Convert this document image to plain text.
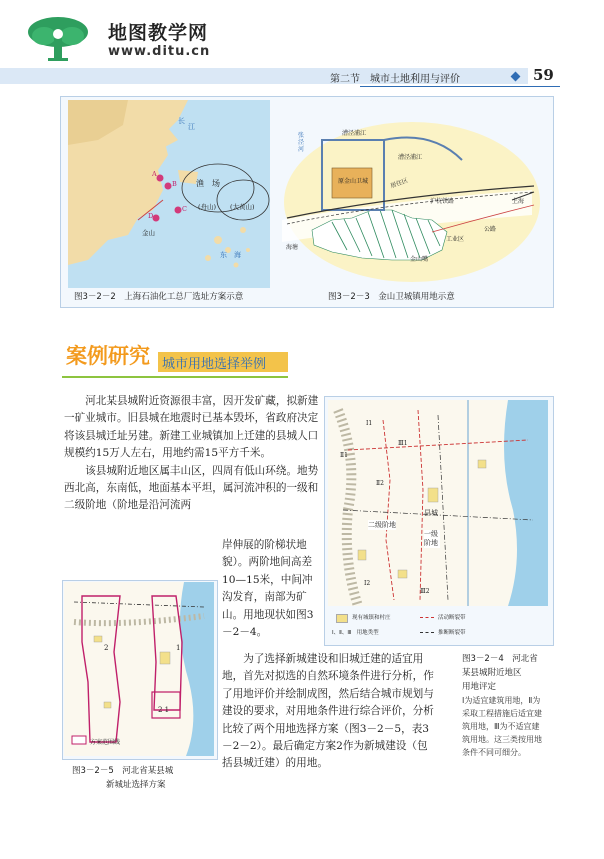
地图教学网
www.ditu.cn
第二节　城市土地利用与评价	59
长
江
渔　场
(舟山) (大黄山)
金山
A
B
C
D
东　海
图3－2－2　上海石油化工总厂选址方案示意
张泾河
漕泾浦江
漕泾浦江
原金山卫城
沪杭铁路
公路
上海
居住区
海塘
工业区
金山嘴
图3－2－3　金山卫城镇用地示意
案例研究 城市用地选择举例

河北某县城附近资源很丰富，因开发矿藏，拟新建一矿业城市。旧县城在地震时已基本毁坏，省政府决定将该县城迁址另建。新建工业城镇加上迁建的县城人口规模约15万人左右，用地约需15平方千米。

该县城附近地区属丰山区，四周有低山环绕。地势西北高，东南低，地面基本平坦，属河流冲积的一级和二级阶地（阶地是沿河流两

岸伸展的阶梯状地貌）。两阶地间高差10—15米，中间冲沟发育，南部为矿山。用地现状如图3－2－4。
为了选择新城建设和旧城迁建的适宜用地，首先对拟选的自然环境条件进行分析，作了用地评价并绘制成图，然后结合城市规划与建设的要求，对用地条件进行综合评价，分析比较了两个用地选择方案（图3－2－5，表3－2－2）。最后确定方案2作为新城建设（包括县城迁建）的用地。
二级阶地
一级阶地
县城
Ⅰ1
Ⅰ2
Ⅱ1
Ⅱ2
Ⅲ1
Ⅲ2
现有城镇和村庄	活动断裂带
Ⅰ、Ⅱ、Ⅲ　用地类型	推断断裂带
图3－2－4　河北省
某县城附近地区
用地评定
Ⅰ为适宜建筑用地，Ⅱ为采取工程措施后适宜建筑用地，Ⅲ为不适宜建筑用地。这三类按用地条件不同可细分。
2	1
2 1
方案范围线
图3－2－5　河北省某县城
新城址选择方案
